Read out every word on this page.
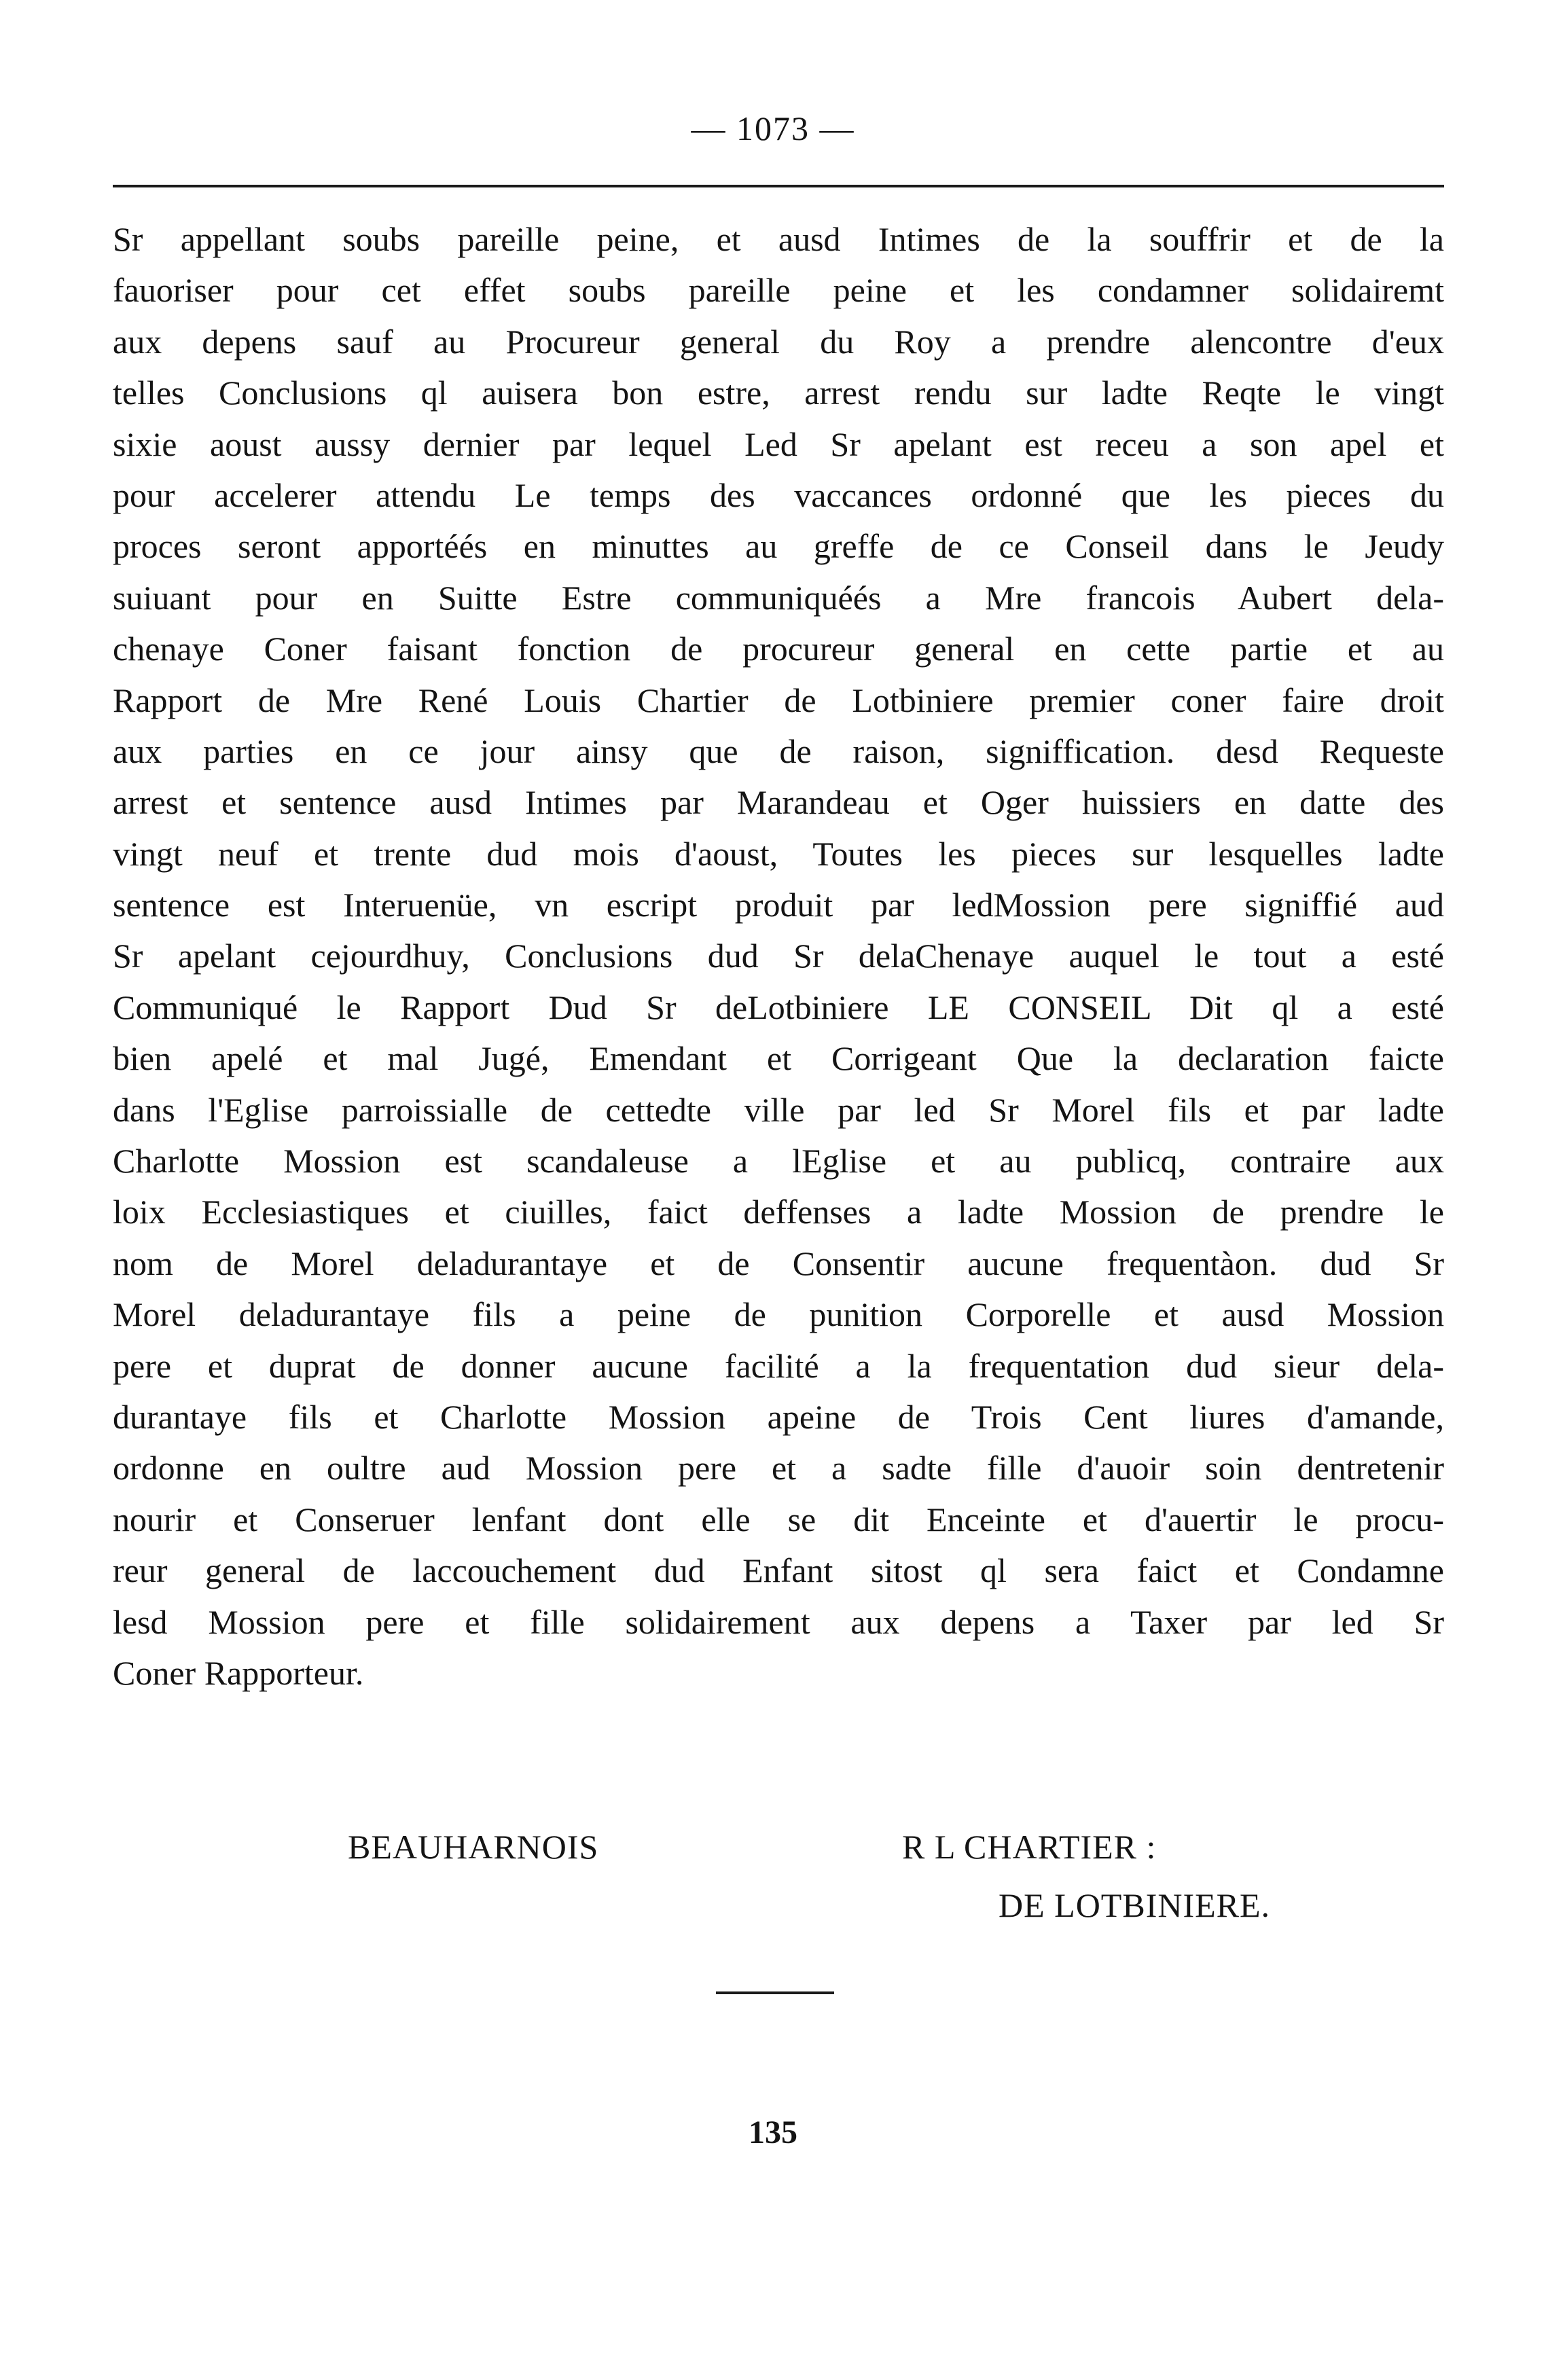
— 1073 —
Sr appellant soubs pareille peine, et ausd Intimes de la souffrir et de la
fauoriser pour cet effet soubs pareille peine et les condamner solidairemt
aux depens sauf au Procureur general du Roy a prendre alencontre d'eux
telles Conclusions ql auisera bon estre, arrest rendu sur ladte Reqte le vingt
sixie aoust aussy dernier par lequel Led Sr apelant est receu a son apel et
pour accelerer attendu Le temps des vaccances ordonné que les pieces du
proces seront apportéés en minuttes au greffe de ce Conseil dans le Jeudy
suiuant pour en Suitte Estre communiquéés a Mre francois Aubert dela-
chenaye Coner faisant fonction de procureur general en cette partie et au
Rapport de Mre René Louis Chartier de Lotbiniere premier coner faire droit
aux parties en ce jour ainsy que de raison, signiffication. desd Requeste
arrest et sentence ausd Intimes par Marandeau et Oger huissiers en datte des
vingt neuf et trente dud mois d'aoust, Toutes les pieces sur lesquelles ladte
sentence est Interuenüe, vn escript produit par ledMossion pere signiffié aud
Sr apelant cejourdhuy, Conclusions dud Sr delaChenaye auquel le tout a esté
Communiqué le Rapport Dud Sr deLotbiniere LE CONSEIL Dit ql a esté
bien apelé et mal Jugé, Emendant et Corrigeant Que la declaration faicte
dans l'Eglise parroissialle de cettedte ville par led Sr Morel fils et par ladte
Charlotte Mossion est scandaleuse a lEglise et au publicq, contraire aux
loix Ecclesiastiques et ciuilles, faict deffenses a ladte Mossion de prendre le
nom de Morel deladurantaye et de Consentir aucune frequentàon. dud Sr
Morel deladurantaye fils a peine de punition Corporelle et ausd Mossion
pere et duprat de donner aucune facilité a la frequentation dud sieur dela-
durantaye fils et Charlotte Mossion apeine de Trois Cent liures d'amande,
ordonne en oultre aud Mossion pere et a sadte fille d'auoir soin dentretenir
nourir et Conseruer lenfant dont elle se dit Enceinte et d'auertir le procu-
reur general de laccouchement dud Enfant sitost ql sera faict et Condamne
lesd Mossion pere et fille solidairement aux depens a Taxer par led Sr
Coner Rapporteur.
BEAUHARNOIS	R L CHARTIER :
DE LOTBINIERE.
135
